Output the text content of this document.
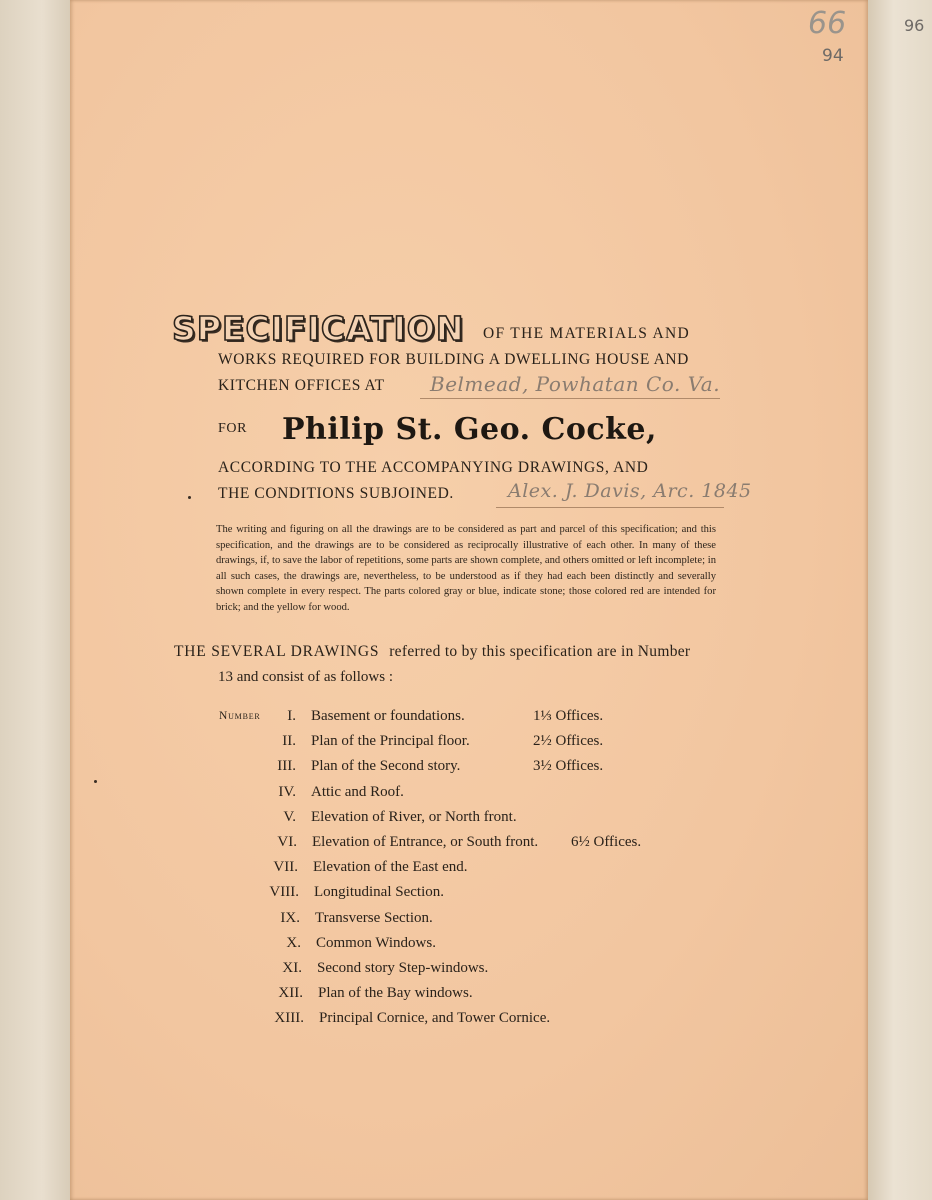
96
66
94
SPECIFICATION OF THE MATERIALS AND
WORKS REQUIRED FOR BUILDING A DWELLING HOUSE AND
KITCHEN OFFICES AT Belmead, Powhatan Co. Va.
FOR Philip St. Geo. Cocke,
ACCORDING TO THE ACCOMPANYING DRAWINGS, AND
THE CONDITIONS SUBJOINED.	Alex. J. Davis, Arc. 1845
The writing and figuring on all the drawings are to be considered as part and parcel of this specification; and this specification, and the drawings are to be considered as reciprocally illustrative of each other. In many of these drawings, if, to save the labor of repetitions, some parts are shown complete, and others omitted or left incomplete; in all such cases, the drawings are, nevertheless, to be understood as if they had each been distinctly and severally shown complete in every respect. The parts colored gray or blue, indicate stone; those colored red are intended for brick; and the yellow for wood.
THE SEVERAL DRAWINGS referred to by this specification are in Number
13 and consist of as follows :
Number I. Basement or foundations.	1⅓ Offices.
II. Plan of the Principal floor.	2½ Offices.
III. Plan of the Second story.	3½ Offices.
IV. Attic and Roof.
V. Elevation of River, or North front.
VI. Elevation of Entrance, or South front. 6½ Offices.
VII. Elevation of the East end.
VIII. Longitudinal Section.
IX. Transverse Section.
X. Common Windows.
XI. Second story Step-windows.
XII. Plan of the Bay windows.
XIII. Principal Cornice, and Tower Cornice.
